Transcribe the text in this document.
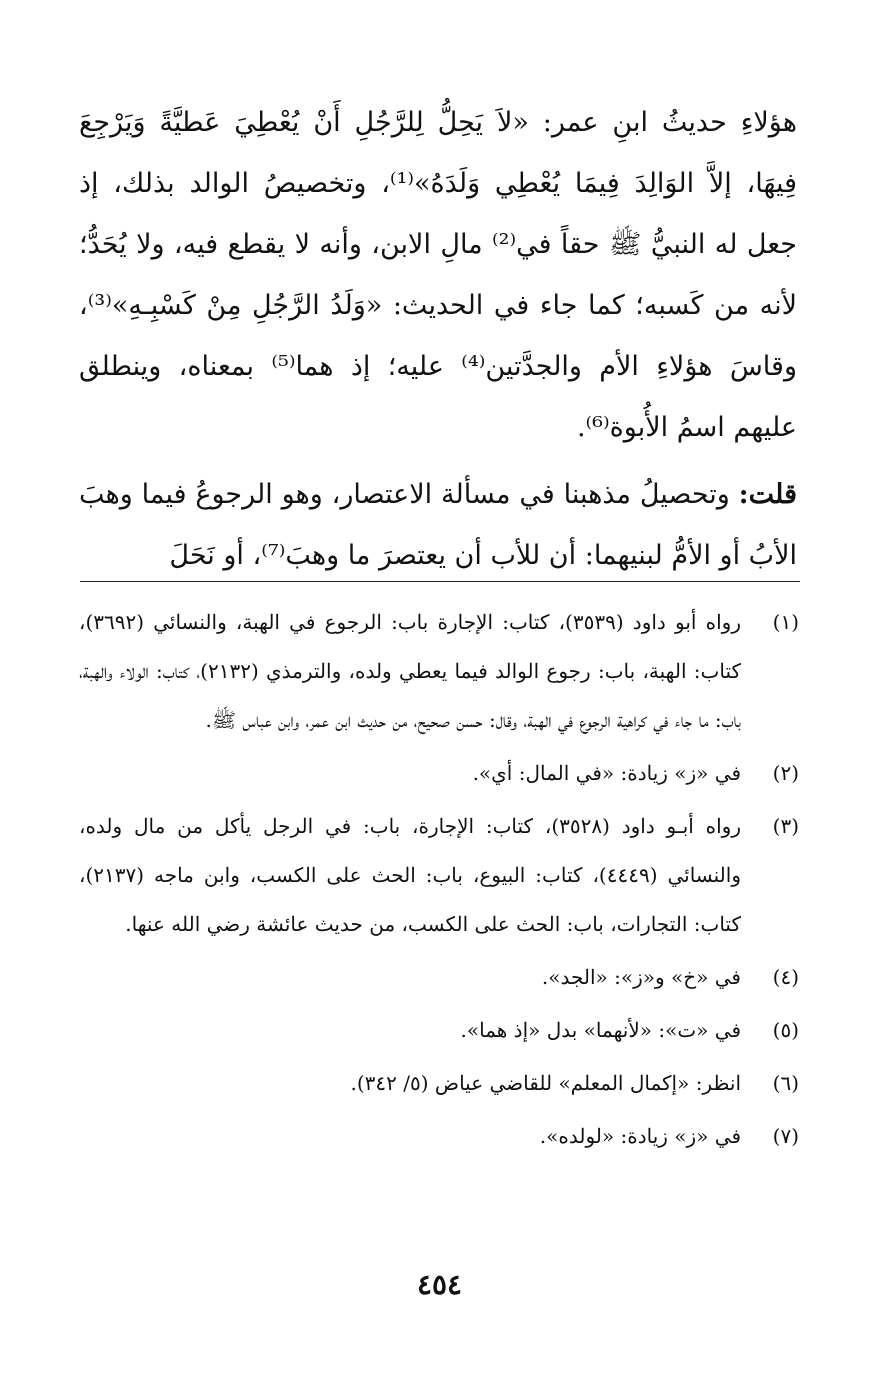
هؤلاءِ حديثُ ابنِ عمر: «لاَ يَحِلُّ لِلرَّجُلِ أَنْ يُعْطِيَ عَطيَّةً وَيَرْجِعَ فِيهَا، إلاَّ الوَالِدَ فِيمَا يُعْطِي وَلَدَهُ»⁽¹⁾، وتخصيصُ الوالد بذلك، إذ جعل له النبيُّ ﷺ حقاً في⁽²⁾ مالِ الابن، وأنه لا يقطع فيه، ولا يُحَدُّ؛ لأنه من كَسبه؛ كما جاء في الحديث: «وَلَدُ الرَّجُلِ مِنْ كَسْبِـهِ»⁽³⁾، وقاسَ هؤلاءِ الأم والجدَّتين⁽⁴⁾ عليه؛ إذ هما⁽⁵⁾ بمعناه، وينطلق عليهم اسمُ الأُبوة⁽⁶⁾.

قلت: وتحصيلُ مذهبنا في مسألة الاعتصار، وهو الرجوعُ فيما وهبَ الأبُ أو الأمُّ لبنيهما: أن للأب أن يعتصرَ ما وهبَ⁽⁷⁾، أو نَحَلَ

(١)
رواه أبو داود (٣٥٣٩)، كتاب: الإجارة باب: الرجوع في الهبة، والنسائي (٣٦٩٢)، كتاب: الهبة، باب: رجوع الوالد فيما يعطي ولده، والترمذي (٢١٣٢)، كتاب: الولاء والهبة، باب: ما جاء في كراهية الرجوع في الهبة، وقال: حسن صحيح، من حديث ابن عمر، وابن عباس ﷺ.
(٢)
في «ز» زيادة: «في المال: أي».
(٣)
رواه أبـو داود (٣٥٢٨)، كتاب: الإجارة، باب: في الرجل يأكل من مال ولده، والنسائي (٤٤٤٩)، كتاب: البيوع، باب: الحث على الكسب، وابن ماجه (٢١٣٧)، كتاب: التجارات، باب: الحث على الكسب، من حديث عائشة رضي الله عنها.
(٤)
في «خ» و«ز»: «الجد».
(٥)
في «ت»: «لأنهما» بدل «إذ هما».
(٦)
انظر: «إكمال المعلم» للقاضي عياض (٥/ ٣٤٢).
(٧)
في «ز» زيادة: «لولده».
٤٥٤
